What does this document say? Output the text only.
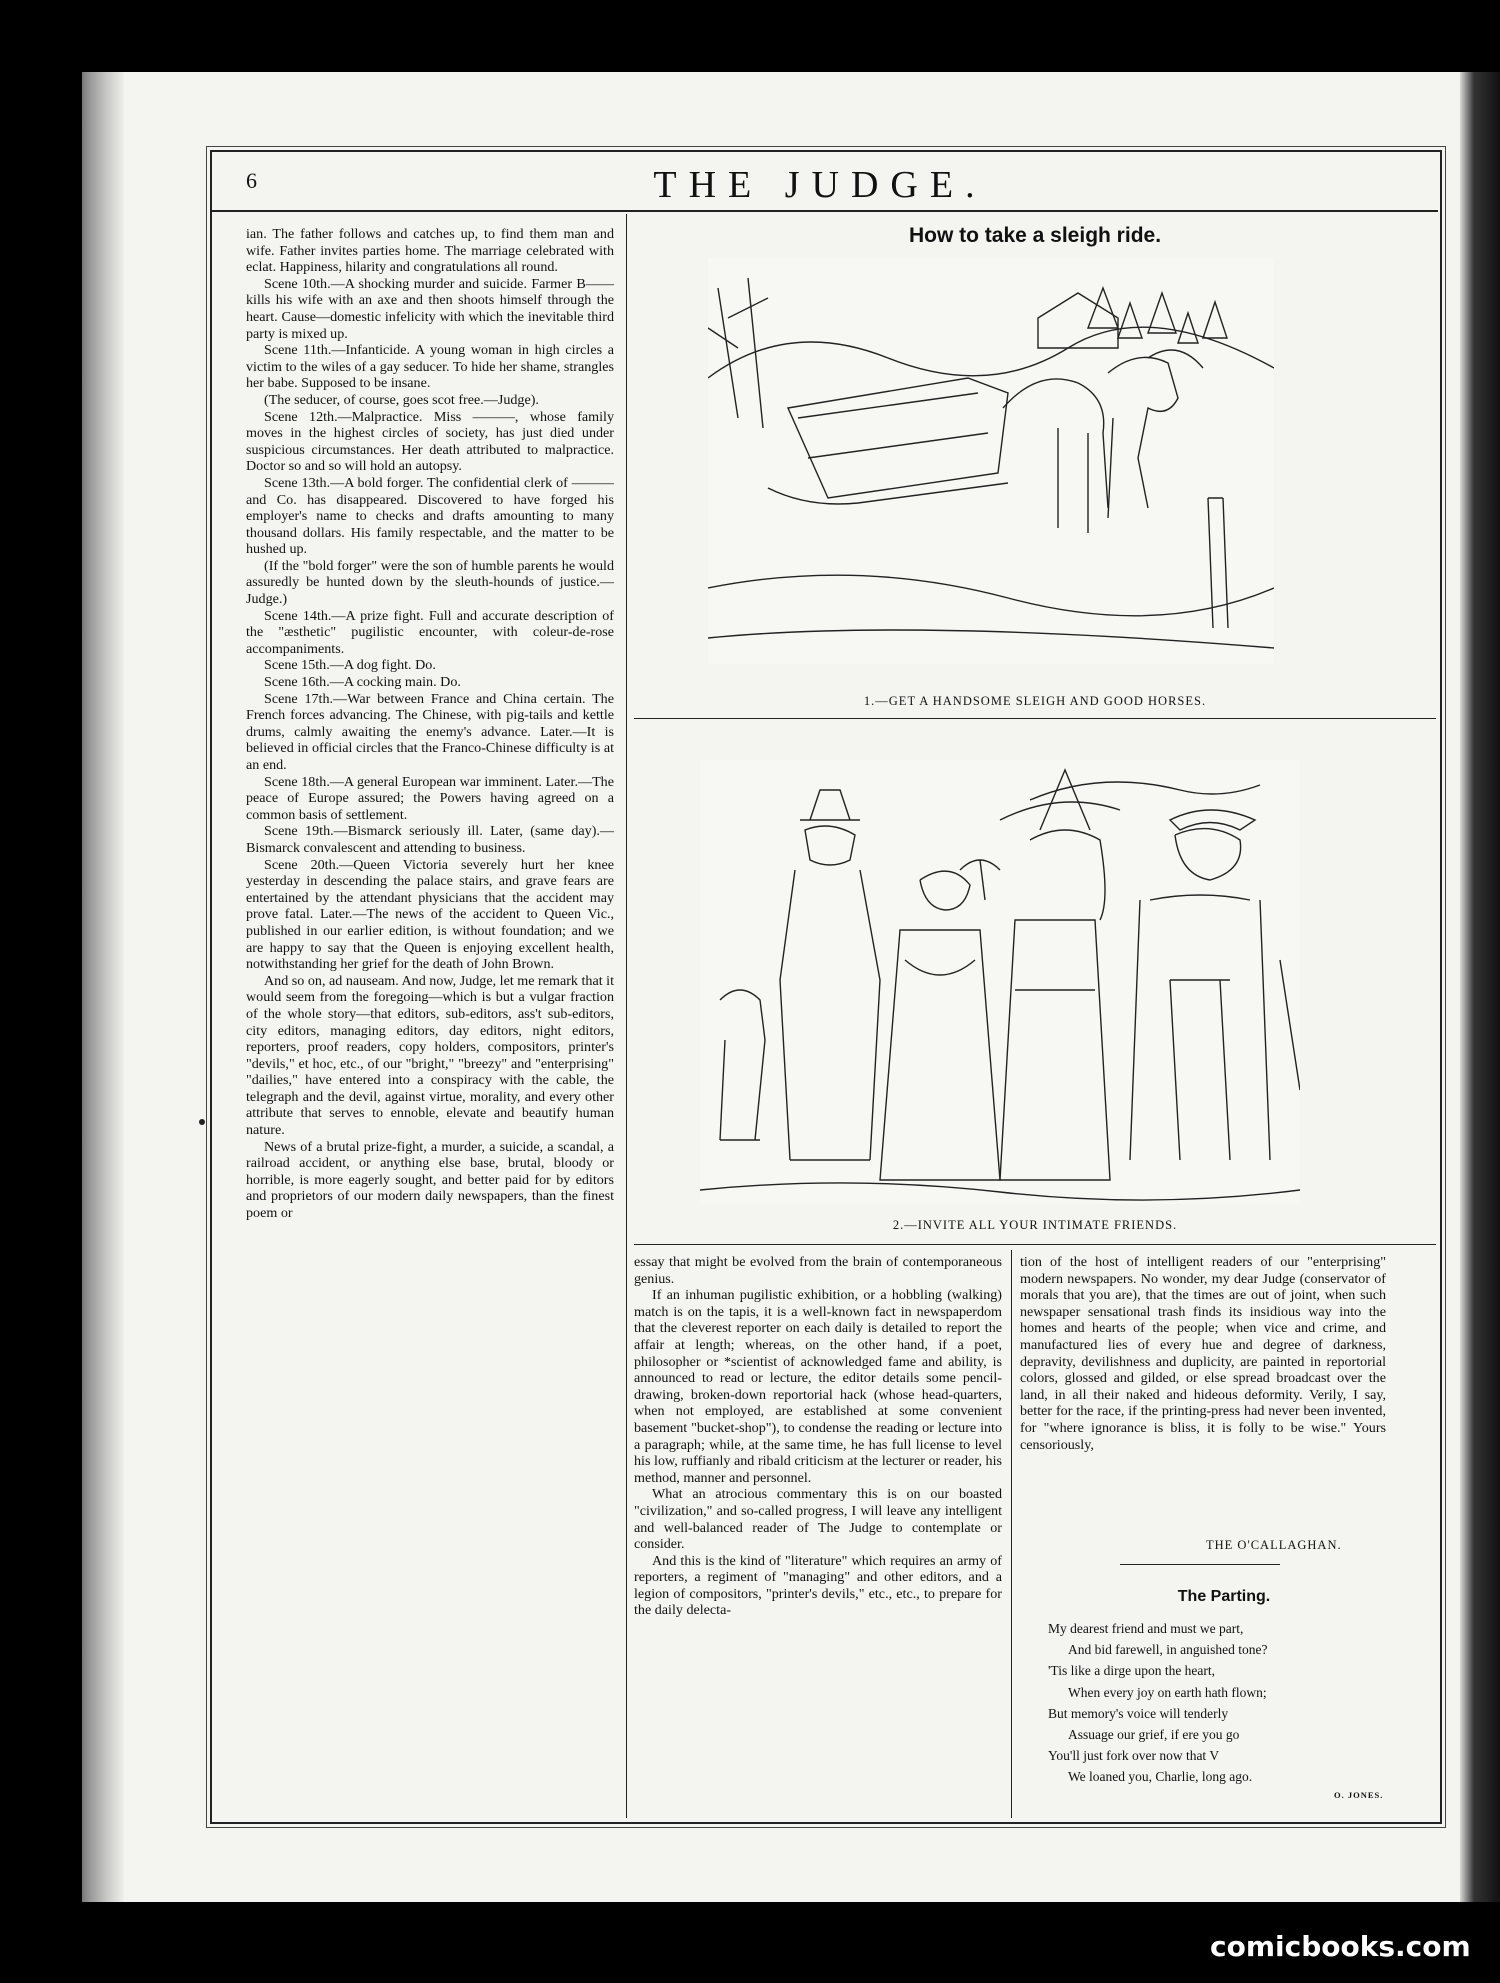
6	THE JUDGE.

ian. The father follows and catches up, to find them man and wife. Father invites parties home. The marriage celebrated with eclat. Happiness, hilarity and congratulations all round.

Scene 10th.—A shocking murder and suicide. Farmer B—— kills his wife with an axe and then shoots himself through the heart. Cause—domestic infelicity with which the inevitable third party is mixed up.

Scene 11th.—Infanticide. A young woman in high circles a victim to the wiles of a gay seducer. To hide her shame, strangles her babe. Supposed to be insane.

(The seducer, of course, goes scot free.—Judge).

Scene 12th.—Malpractice. Miss ———, whose family moves in the highest circles of society, has just died under suspicious circumstances. Her death attributed to malpractice. Doctor so and so will hold an autopsy.

Scene 13th.—A bold forger. The confidential clerk of ——— and Co. has disappeared. Discovered to have forged his employer's name to checks and drafts amounting to many thousand dollars. His family respectable, and the matter to be hushed up.

(If the "bold forger" were the son of humble parents he would assuredly be hunted down by the sleuth-hounds of justice.—Judge.)

Scene 14th.—A prize fight. Full and accurate description of the "æsthetic" pugilistic encounter, with coleur-de-rose accompaniments.

Scene 15th.—A dog fight. Do.

Scene 16th.—A cocking main. Do.

Scene 17th.—War between France and China certain. The French forces advancing. The Chinese, with pig-tails and kettle drums, calmly awaiting the enemy's advance. Later.—It is believed in official circles that the Franco-Chinese difficulty is at an end.

Scene 18th.—A general European war imminent. Later.—The peace of Europe assured; the Powers having agreed on a common basis of settlement.

Scene 19th.—Bismarck seriously ill. Later, (same day).—Bismarck convalescent and attending to business.

Scene 20th.—Queen Victoria severely hurt her knee yesterday in descending the palace stairs, and grave fears are entertained by the attendant physicians that the accident may prove fatal. Later.—The news of the accident to Queen Vic., published in our earlier edition, is without foundation; and we are happy to say that the Queen is enjoying excellent health, notwithstanding her grief for the death of John Brown.

And so on, ad nauseam. And now, Judge, let me remark that it would seem from the foregoing—which is but a vulgar fraction of the whole story—that editors, sub-editors, ass't sub-editors, city editors, managing editors, day editors, night editors, reporters, proof readers, copy holders, compositors, printer's "devils," et hoc, etc., of our "bright," "breezy" and "enterprising" "dailies," have entered into a conspiracy with the cable, the telegraph and the devil, against virtue, morality, and every other attribute that serves to ennoble, elevate and beautify human nature.

News of a brutal prize-fight, a murder, a suicide, a scandal, a railroad accident, or anything else base, brutal, bloody or horrible, is more eagerly sought, and better paid for by editors and proprietors of our modern daily newspapers, than the finest poem or

How to take a sleigh ride.
1.—GET A HANDSOME SLEIGH AND GOOD HORSES.
2.—INVITE ALL YOUR INTIMATE FRIENDS.

essay that might be evolved from the brain of contemporaneous genius.

If an inhuman pugilistic exhibition, or a hobbling (walking) match is on the tapis, it is a well-known fact in newspaperdom that the cleverest reporter on each daily is detailed to report the affair at length; whereas, on the other hand, if a poet, philosopher or *scientist of acknowledged fame and ability, is announced to read or lecture, the editor details some pencil-drawing, broken-down reportorial hack (whose head-quarters, when not employed, are established at some convenient basement "bucket-shop"), to condense the reading or lecture into a paragraph; while, at the same time, he has full license to level his low, ruffianly and ribald criticism at the lecturer or reader, his method, manner and personnel.

What an atrocious commentary this is on our boasted "civilization," and so-called progress, I will leave any intelligent and well-balanced reader of The Judge to contemplate or consider.

And this is the kind of "literature" which requires an army of reporters, a regiment of "managing" and other editors, and a legion of compositors, "printer's devils," etc., etc., to prepare for the daily delecta-

tion of the host of intelligent readers of our "enterprising" modern newspapers. No wonder, my dear Judge (conservator of morals that you are), that the times are out of joint, when such newspaper sensational trash finds its insidious way into the homes and hearts of the people; when vice and crime, and manufactured lies of every hue and degree of darkness, depravity, devilishness and duplicity, are painted in reportorial colors, glossed and gilded, or else spread broadcast over the land, in all their naked and hideous deformity. Verily, I say, better for the race, if the printing-press had never been invented, for "where ignorance is bliss, it is folly to be wise." Yours censoriously,

THE O'CALLAGHAN.
The Parting.
My dearest friend and must we part,
And bid farewell, in anguished tone?
'Tis like a dirge upon the heart,
When every joy on earth hath flown;
But memory's voice will tenderly
Assuage our grief, if ere you go
You'll just fork over now that V
We loaned you, Charlie, long ago.
O. JONES.
comicbooks.com
